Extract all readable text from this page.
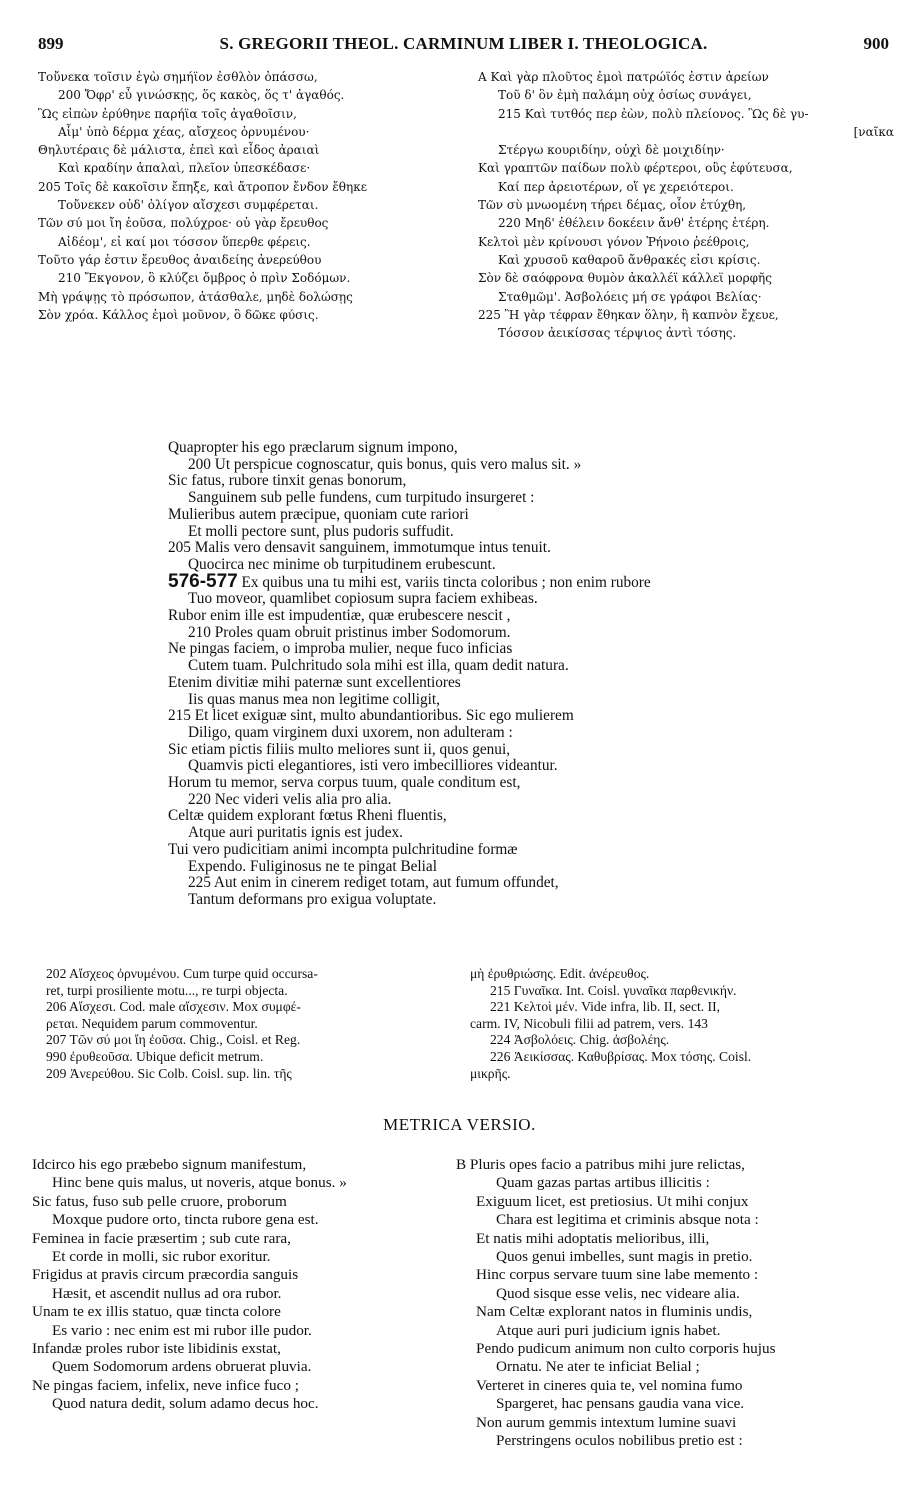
899	S. GREGORII THEOL. CARMINUM LIBER I. THEOLOGICA.	900
Τοὔνεκα τοῖσιν ἐγὼ σημήϊον ἐσθλὸν ὀπάσσω,
200 Ὄφρ' εὖ γινώσκῃς, ὅς κακὸς, ὅς τ' ἀγαθός.
Ὣς εἰπὼν ἐρύθηνε παρήϊα τοῖς ἀγαθοῖσιν,
Αἷμ' ὑπὸ δέρμα χέας, αἴσχεος ὀρνυμένου·
Θηλυτέραις δὲ μάλιστα, ἐπεὶ καὶ εἶδος ἀραιαὶ
Καὶ κραδίην ἁπαλαὶ, πλεῖον ὑπεσκέδασε·
205 Τοῖς δὲ κακοῖσιν ἔπηξε, καὶ ἄτροπον ἔνδον ἔθηκε
Τοὔνεκεν οὐδ' ὀλίγον αἴσχεσι συμφέρεται.
Τῶν σύ μοι ἴη ἐοῦσα, πολύχροε· οὐ γὰρ ἔρευθος
Αἰδέομ', εἰ καί μοι τόσσον ὕπερθε φέρεις.
Τοῦτο γάρ ἐστιν ἔρευθος ἀναιδείης ἀνερεύθου
210 Ἔκγονον, ὃ κλύζει ὄμβρος ὁ πρὶν Σοδόμων.
Μὴ γράψῃς τὸ πρόσωπον, ἀτάσθαλε, μηδὲ δολώσῃς
Σὸν χρόα. Κάλλος ἐμοὶ μοῦνον, ὃ δῶκε φύσις.
A Καὶ γὰρ πλοῦτος ἐμοὶ πατρώϊός ἐστιν ἀρείων
Τοῦ δ' ὃν ἐμὴ παλάμη οὐχ ὁσίως συνάγει,
215 Καὶ τυτθός περ ἐὼν, πολὺ πλείονος. Ὣς δὲ γυ-
[ναῖκα
Στέργω κουριδίην, οὐχὶ δὲ μοιχιδίην·
Καὶ γραπτῶν παίδων πολὺ φέρτεροι, οὓς ἐφύτευσα,
Καί περ ἀρειοτέρων, οἵ γε χερειότεροι.
Τῶν σὺ μνωομένη τήρει δέμας, οἷον ἐτύχθη,
220 Μηδ' ἐθέλειν δοκέειν ἄνθ' ἑτέρης ἑτέρη.
Κελτοὶ μὲν κρίνουσι γόνον Ῥήνοιο ῥεέθροις,
Καὶ χρυσοῦ καθαροῦ ἄνθρακές εἰσι κρίσις.
Σὸν δὲ σαόφρονα θυμὸν ἀκαλλέϊ κάλλεϊ μορφῆς
Σταθμῶμ'. Ἀσβολόεις μή σε γράφοι Βελίας·
225 Ἢ γὰρ τέφραν ἔθηκαν ὅλην, ἢ καπνὸν ἔχευε,
Τόσσον ἀεικίσσας τέρψιος ἀντὶ τόσης.
Quapropter his ego præclarum signum impono,
200 Ut perspicue cognoscatur, quis bonus, quis vero malus sit. »
Sic fatus, rubore tinxit genas bonorum,
Sanguinem sub pelle fundens, cum turpitudo insurgeret :
Mulieribus autem præcipue, quoniam cute rariori
Et molli pectore sunt, plus pudoris suffudit.
205 Malis vero densavit sanguinem, immotumque intus tenuit.
Quocirca nec minime ob turpitudinem erubescunt.
576-577 Ex quibus una tu mihi est, variis tincta coloribus ; non enim rubore
Tuo moveor, quamlibet copiosum supra faciem exhibeas.
Rubor enim ille est impudentiæ, quæ erubescere nescit ,
210 Proles quam obruit pristinus imber Sodomorum.
Ne pingas faciem, o improba mulier, neque fuco inficias
Cutem tuam. Pulchritudo sola mihi est illa, quam dedit natura.
Etenim divitiæ mihi paternæ sunt excellentiores
Iis quas manus mea non legitime colligit,
215 Et licet exiguæ sint, multo abundantioribus. Sic ego mulierem
Diligo, quam virginem duxi uxorem, non adulteram :
Sic etiam pictis filiis multo meliores sunt ii, quos genui,
Quamvis picti elegantiores, isti vero imbecilliores videantur.
Horum tu memor, serva corpus tuum, quale conditum est,
220 Nec videri velis alia pro alia.
Celtæ quidem explorant fœtus Rheni fluentis,
Atque auri puritatis ignis est judex.
Tui vero pudicitiam animi incompta pulchritudine formæ
Expendo. Fuliginosus ne te pingat Belial
225 Aut enim in cinerem rediget totam, aut fumum offundet,
Tantum deformans pro exigua voluptate.
202 Αἴσχεος ὀρνυμένου. Cum turpe quid occursa-
ret, turpi prosiliente motu..., re turpi objecta.
206 Αἴσχεσι. Cod. male αἴσχεσιν. Mox συμφέ-
ρεται. Nequidem parum commoventur.
207 Τῶν σύ μοι ἴη ἐοῦσα. Chig., Coisl. et Reg.
990 ἐρυθεοῦσα. Ubique deficit metrum.
209 Ἀνερεύθου. Sic Colb. Coisl. sup. lin. τῆς
μὴ ἐρυθριώσης. Edit. ἀνέρευθος.
215 Γυναῖκα. Int. Coisl. γυναῖκα παρθενικήν.
221 Κελτοὶ μέν. Vide infra, lib. II, sect. II,
carm. IV, Nicobuli filii ad patrem, vers. 143
224 Ἀσβολόεις. Chig. ἀσβολέης.
226 Ἀεικίσσας. Καθυβρίσας. Mox τόσης. Coisl.
μικρῆς.
METRICA VERSIO.
Idcirco his ego præbebo signum manifestum,
Hinc bene quis malus, ut noveris, atque bonus. »
Sic fatus, fuso sub pelle cruore, proborum
Moxque pudore orto, tincta rubore gena est.
Feminea in facie præsertim ; sub cute rara,
Et corde in molli, sic rubor exoritur.
Frigidus at pravis circum præcordia sanguis
Hæsit, et ascendit nullus ad ora rubor.
Unam te ex illis statuo, quæ tincta colore
Es vario : nec enim est mi rubor ille pudor.
Infandæ proles rubor iste libidinis exstat,
Quem Sodomorum ardens obruerat pluvia.
Ne pingas faciem, infelix, neve infice fuco ;
Quod natura dedit, solum adamo decus hoc.
B Pluris opes facio a patribus mihi jure relictas,
Quam gazas partas artibus illicitis :
Exiguum licet, est pretiosius. Ut mihi conjux
Chara est legitima et criminis absque nota :
Et natis mihi adoptatis melioribus, illi,
Quos genui imbelles, sunt magis in pretio.
Hinc corpus servare tuum sine labe memento :
Quod sisque esse velis, nec videare alia.
Nam Celtæ explorant natos in fluminis undis,
Atque auri puri judicium ignis habet.
Pendo pudicum animum non culto corporis hujus
Ornatu. Ne ater te inficiat Belial ;
Verteret in cineres quia te, vel nomina fumo
Spargeret, hac pensans gaudia vana vice.
Non aurum gemmis intextum lumine suavi
Perstringens oculos nobilibus pretio est :
